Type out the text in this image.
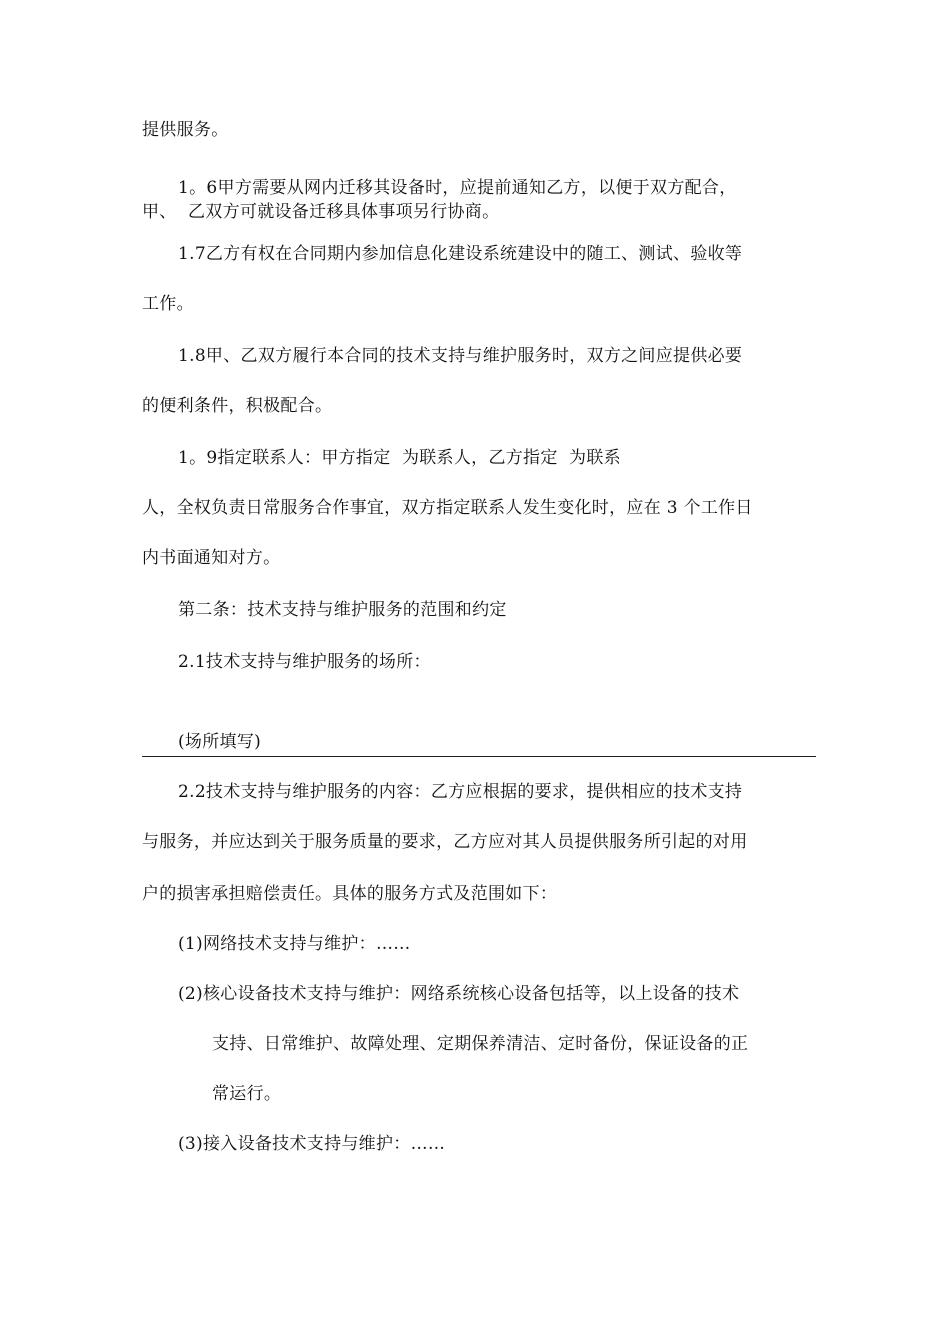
提供服务。
1。6甲方需要从网内迁移其设备时，应提前通知乙方，以便于双方配合，
甲、  乙双方可就设备迁移具体事项另行协商。
1.7乙方有权在合同期内参加信息化建设系统建设中的随工、测试、验收等
工作。
1.8甲、乙双方履行本合同的技术支持与维护服务时，双方之间应提供必要
的便利条件，积极配合。
1。9指定联系人：甲方指定  为联系人，乙方指定  为联系
人，全权负责日常服务合作事宜，双方指定联系人发生变化时，应在 3 个工作日
内书面通知对方。
第二条：技术支持与维护服务的范围和约定
2.1技术支持与维护服务的场所：
(场所填写)
2.2技术支持与维护服务的内容：乙方应根据的要求，提供相应的技术支持
与服务，并应达到关于服务质量的要求，乙方应对其人员提供服务所引起的对用
户的损害承担赔偿责任。具体的服务方式及范围如下：
(1)网络技术支持与维护：……
(2)核心设备技术支持与维护：网络系统核心设备包括等，以上设备的技术
支持、日常维护、故障处理、定期保养清洁、定时备份，保证设备的正
常运行。
(3)接入设备技术支持与维护：……
